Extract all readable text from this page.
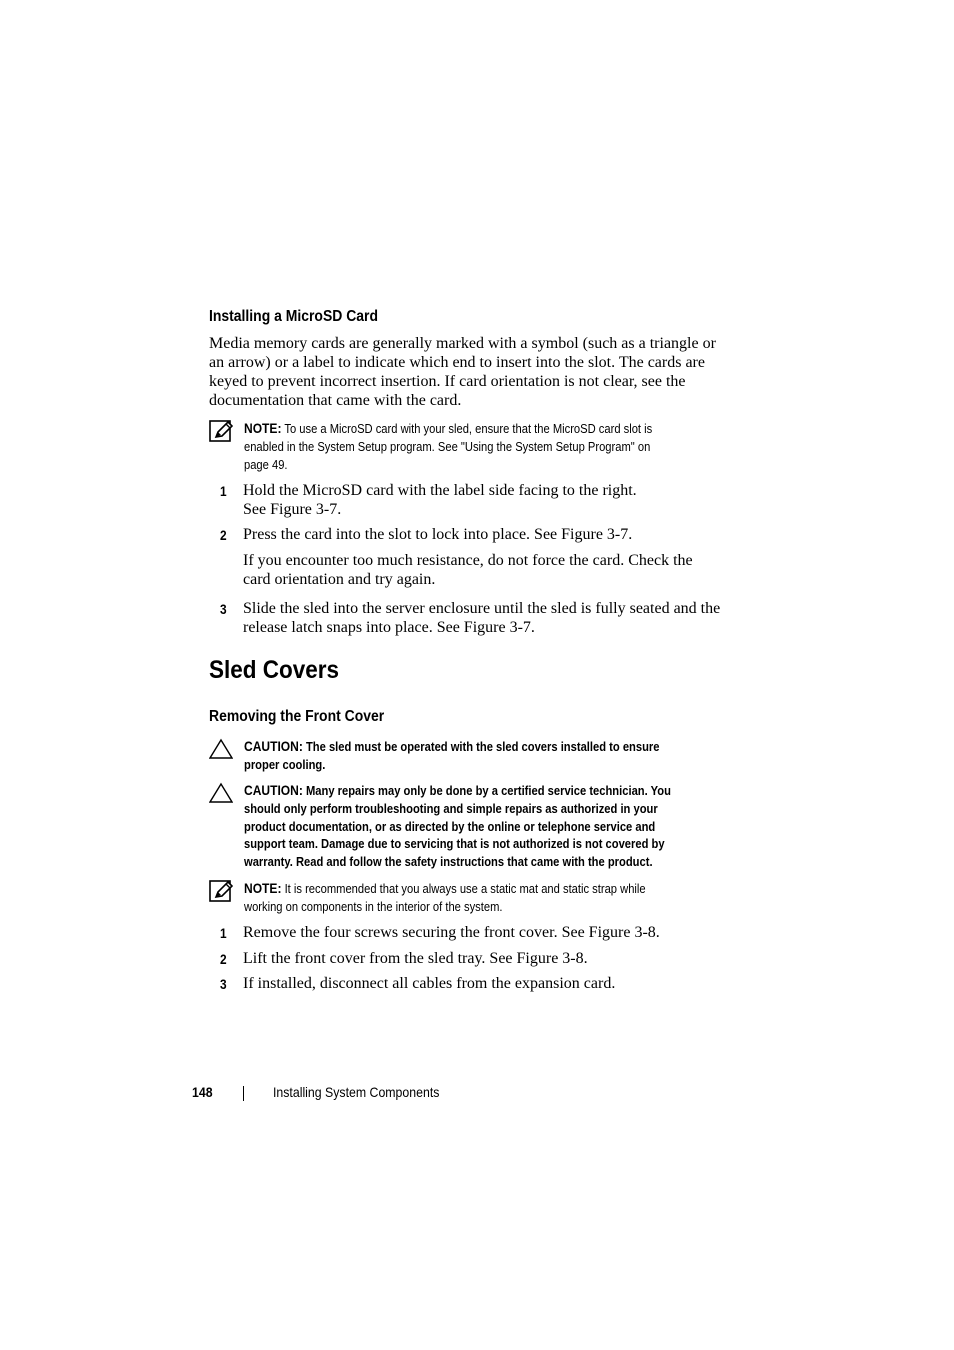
Installing a MicroSD Card
Media memory cards are generally marked with a symbol (such as a triangle or
an arrow) or a label to indicate which end to insert into the slot. The cards are
keyed to prevent incorrect insertion. If card orientation is not clear, see the
documentation that came with the card.
NOTE: To use a MicroSD card with your sled, ensure that the MicroSD card slot is
enabled in the System Setup program. See "Using the System Setup Program" on
page 49.
1 Hold the MicroSD card with the label side facing to the right.
See Figure 3-7.
2 Press the card into the slot to lock into place. See Figure 3-7.
If you encounter too much resistance, do not force the card. Check the
card orientation and try again.
3 Slide the sled into the server enclosure until the sled is fully seated and the
release latch snaps into place. See Figure 3-7.
Sled Covers
Removing the Front Cover
CAUTION: The sled must be operated with the sled covers installed to ensure
proper cooling.
CAUTION: Many repairs may only be done by a certified service technician. You
should only perform troubleshooting and simple repairs as authorized in your
product documentation, or as directed by the online or telephone service and
support team. Damage due to servicing that is not authorized is not covered by
warranty. Read and follow the safety instructions that came with the product.
NOTE: It is recommended that you always use a static mat and static strap while
working on components in the interior of the system.
1 Remove the four screws securing the front cover. See Figure 3-8.
2 Lift the front cover from the sled tray. See Figure 3-8.
3 If installed, disconnect all cables from the expansion card.
148	Installing System Components
